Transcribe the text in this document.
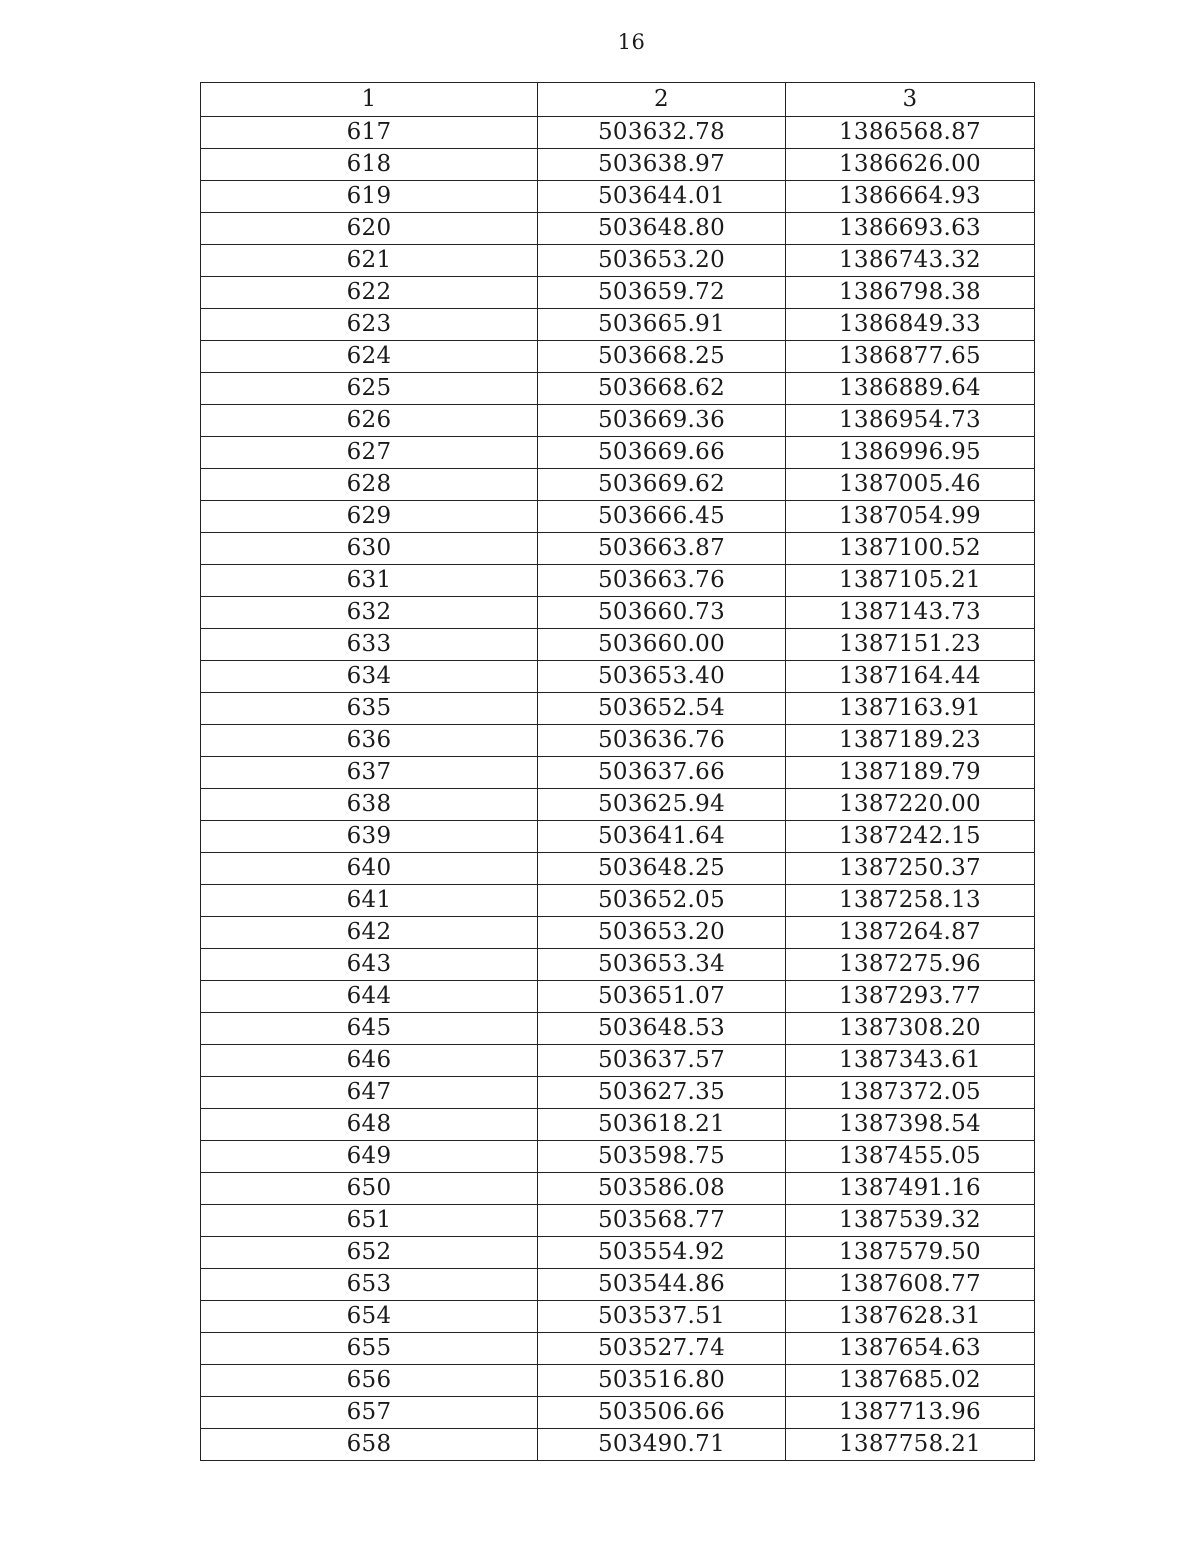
16
1	2	3
617	503632.78	1386568.87
618	503638.97	1386626.00
619	503644.01	1386664.93
620	503648.80	1386693.63
621	503653.20	1386743.32
622	503659.72	1386798.38
623	503665.91	1386849.33
624	503668.25	1386877.65
625	503668.62	1386889.64
626	503669.36	1386954.73
627	503669.66	1386996.95
628	503669.62	1387005.46
629	503666.45	1387054.99
630	503663.87	1387100.52
631	503663.76	1387105.21
632	503660.73	1387143.73
633	503660.00	1387151.23
634	503653.40	1387164.44
635	503652.54	1387163.91
636	503636.76	1387189.23
637	503637.66	1387189.79
638	503625.94	1387220.00
639	503641.64	1387242.15
640	503648.25	1387250.37
641	503652.05	1387258.13
642	503653.20	1387264.87
643	503653.34	1387275.96
644	503651.07	1387293.77
645	503648.53	1387308.20
646	503637.57	1387343.61
647	503627.35	1387372.05
648	503618.21	1387398.54
649	503598.75	1387455.05
650	503586.08	1387491.16
651	503568.77	1387539.32
652	503554.92	1387579.50
653	503544.86	1387608.77
654	503537.51	1387628.31
655	503527.74	1387654.63
656	503516.80	1387685.02
657	503506.66	1387713.96
658	503490.71	1387758.21
